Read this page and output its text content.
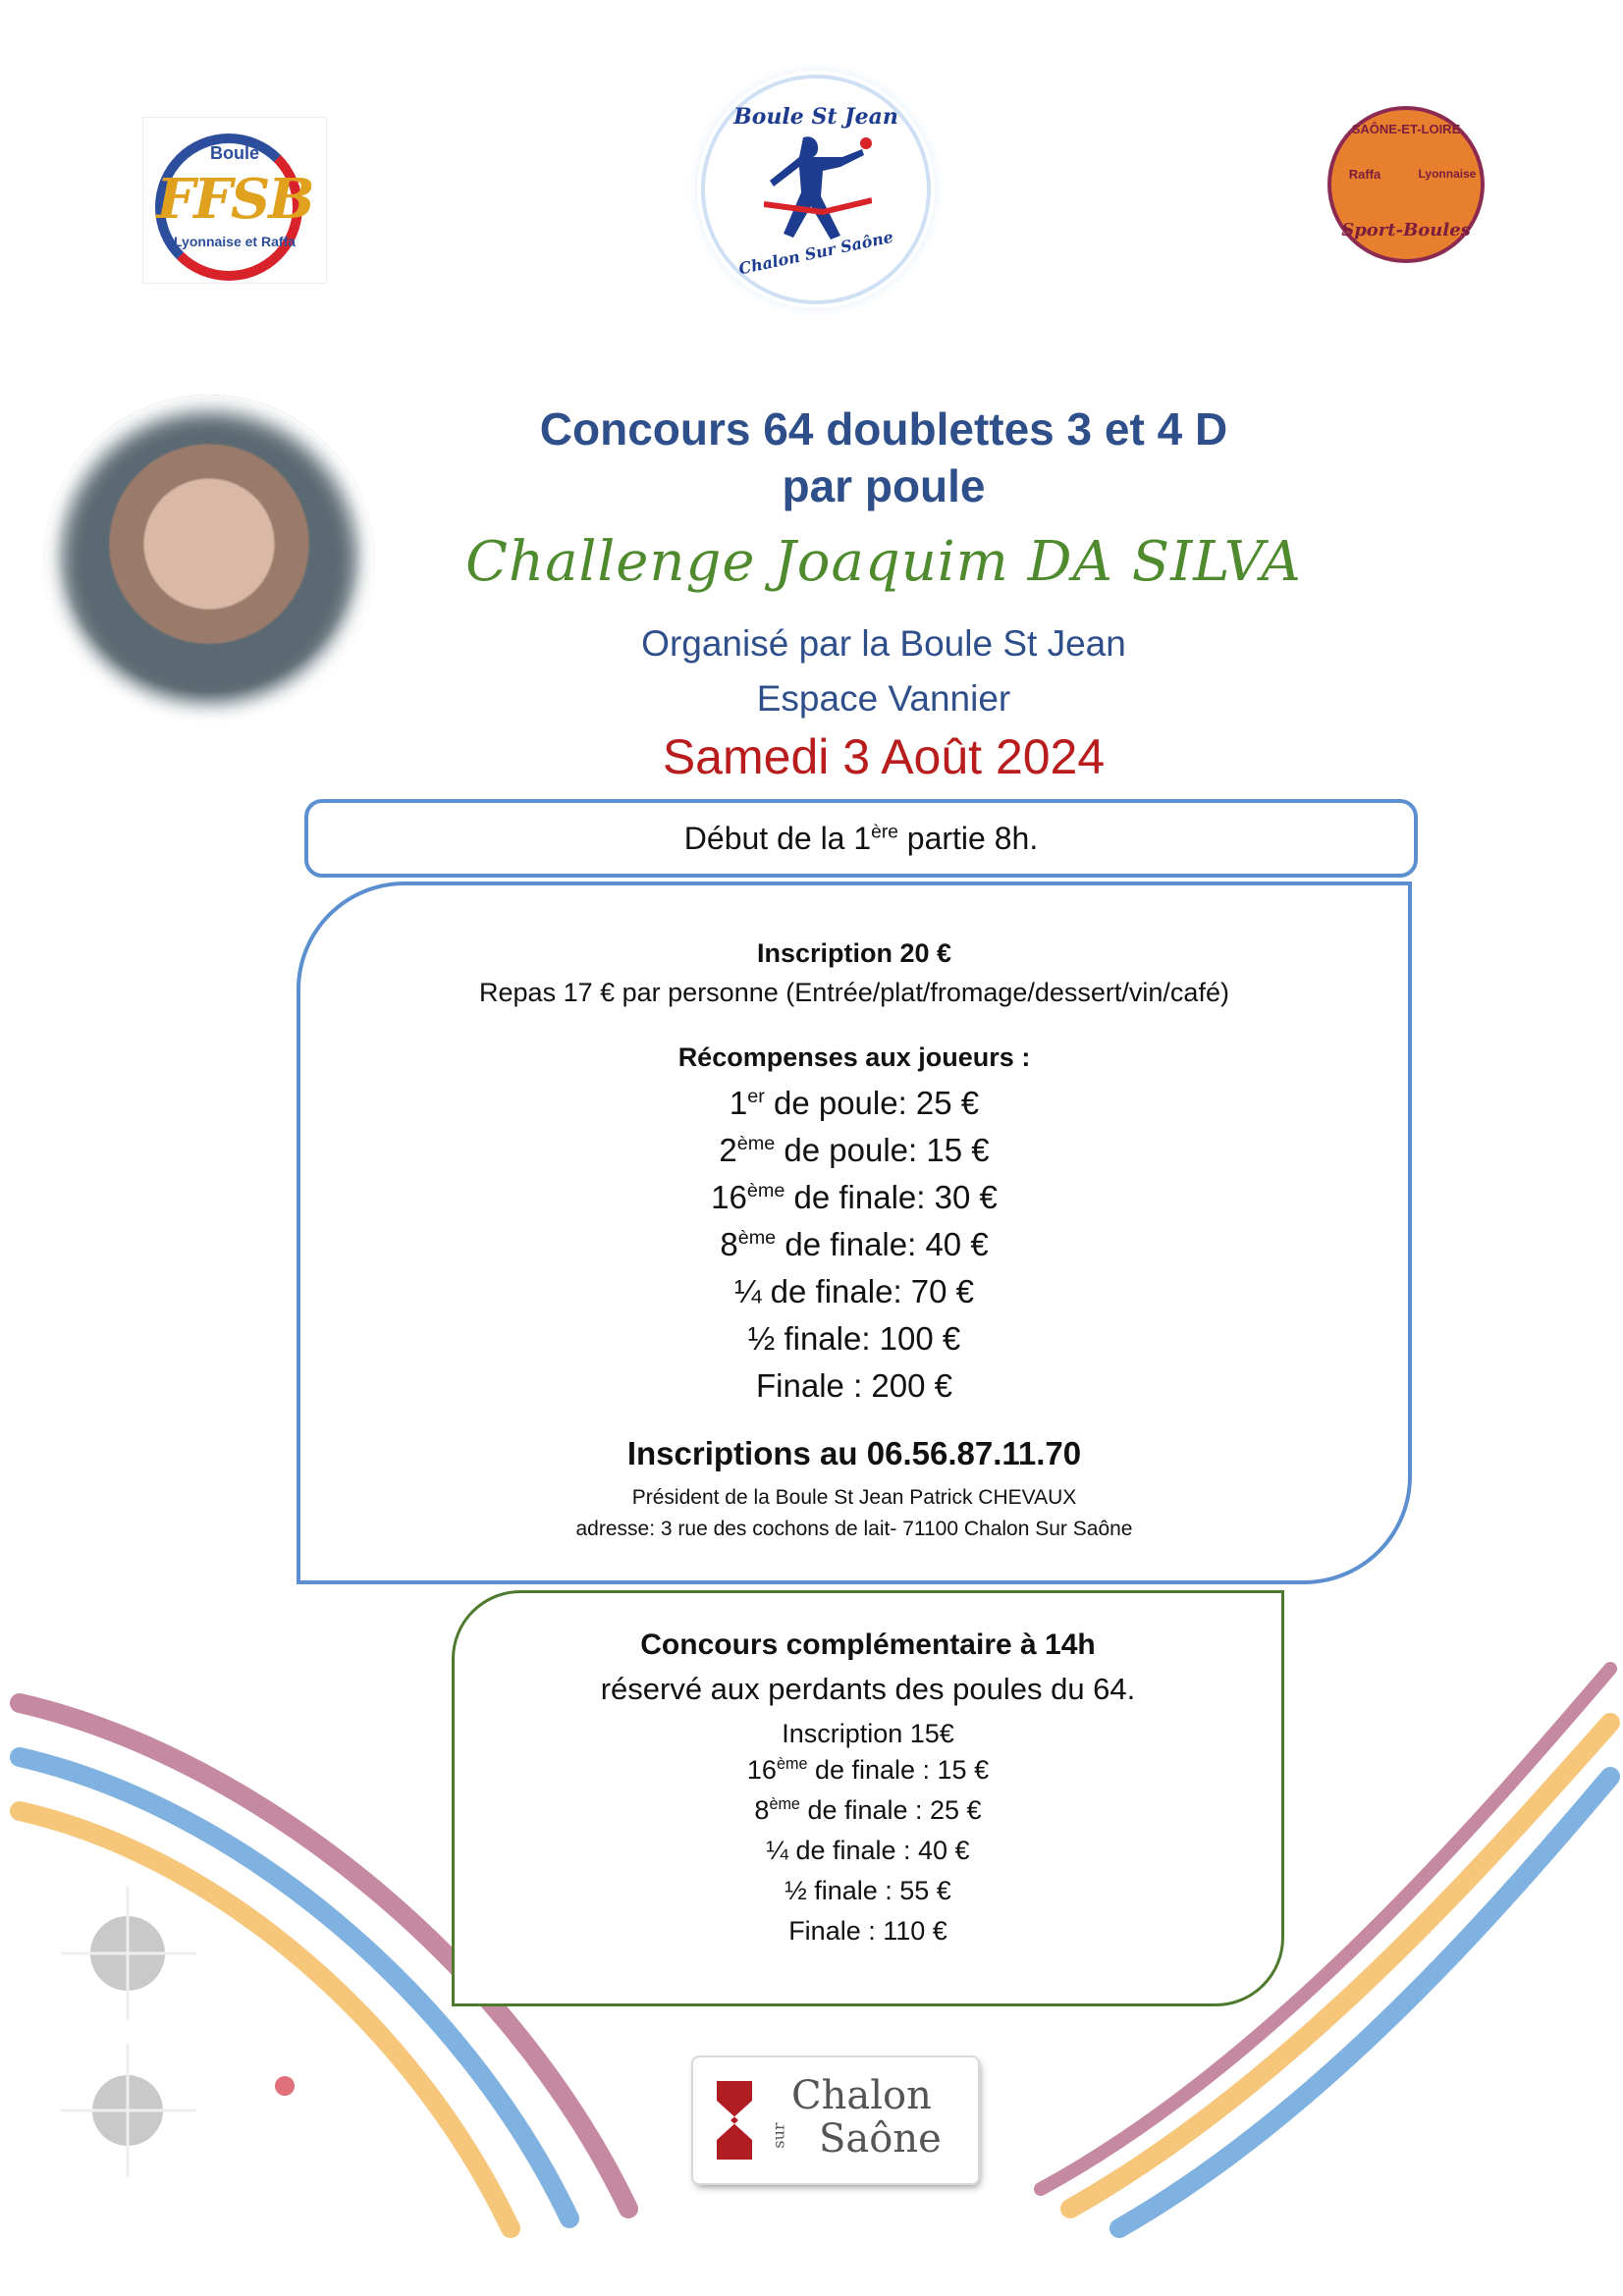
Boule
FFSB
Lyonnaise et Raffa
Boule St Jean
Chalon Sur Saône
SAÔNE-ET-LOIRE
Raffa	Lyonnaise
Sport-Boules
Concours 64 doublettes 3 et 4 D
par poule
Challenge Joaquim DA SILVA
Organisé par la Boule St Jean
Espace Vannier
Samedi 3 Août 2024
Début de la 1ère partie 8h.
Inscription 20 €
Repas 17 € par personne (Entrée/plat/fromage/dessert/vin/café)
Récompenses aux joueurs :
1er de poule: 25 €
2ème de poule: 15 €
16ème de finale: 30 €
8ème de finale: 40 €
¼ de finale: 70 €
½ finale: 100 €
Finale : 200 €
Inscriptions au 06.56.87.11.70
Président de la Boule St Jean Patrick CHEVAUX
adresse: 3 rue des cochons de lait- 71100 Chalon Sur Saône
Concours complémentaire à 14h
réservé aux perdants des poules du 64.
Inscription 15€
16ème de finale : 15 €
8ème de finale : 25 €
¼ de finale : 40 €
½ finale : 55 €
Finale : 110 €
Chalon
sur Saône
